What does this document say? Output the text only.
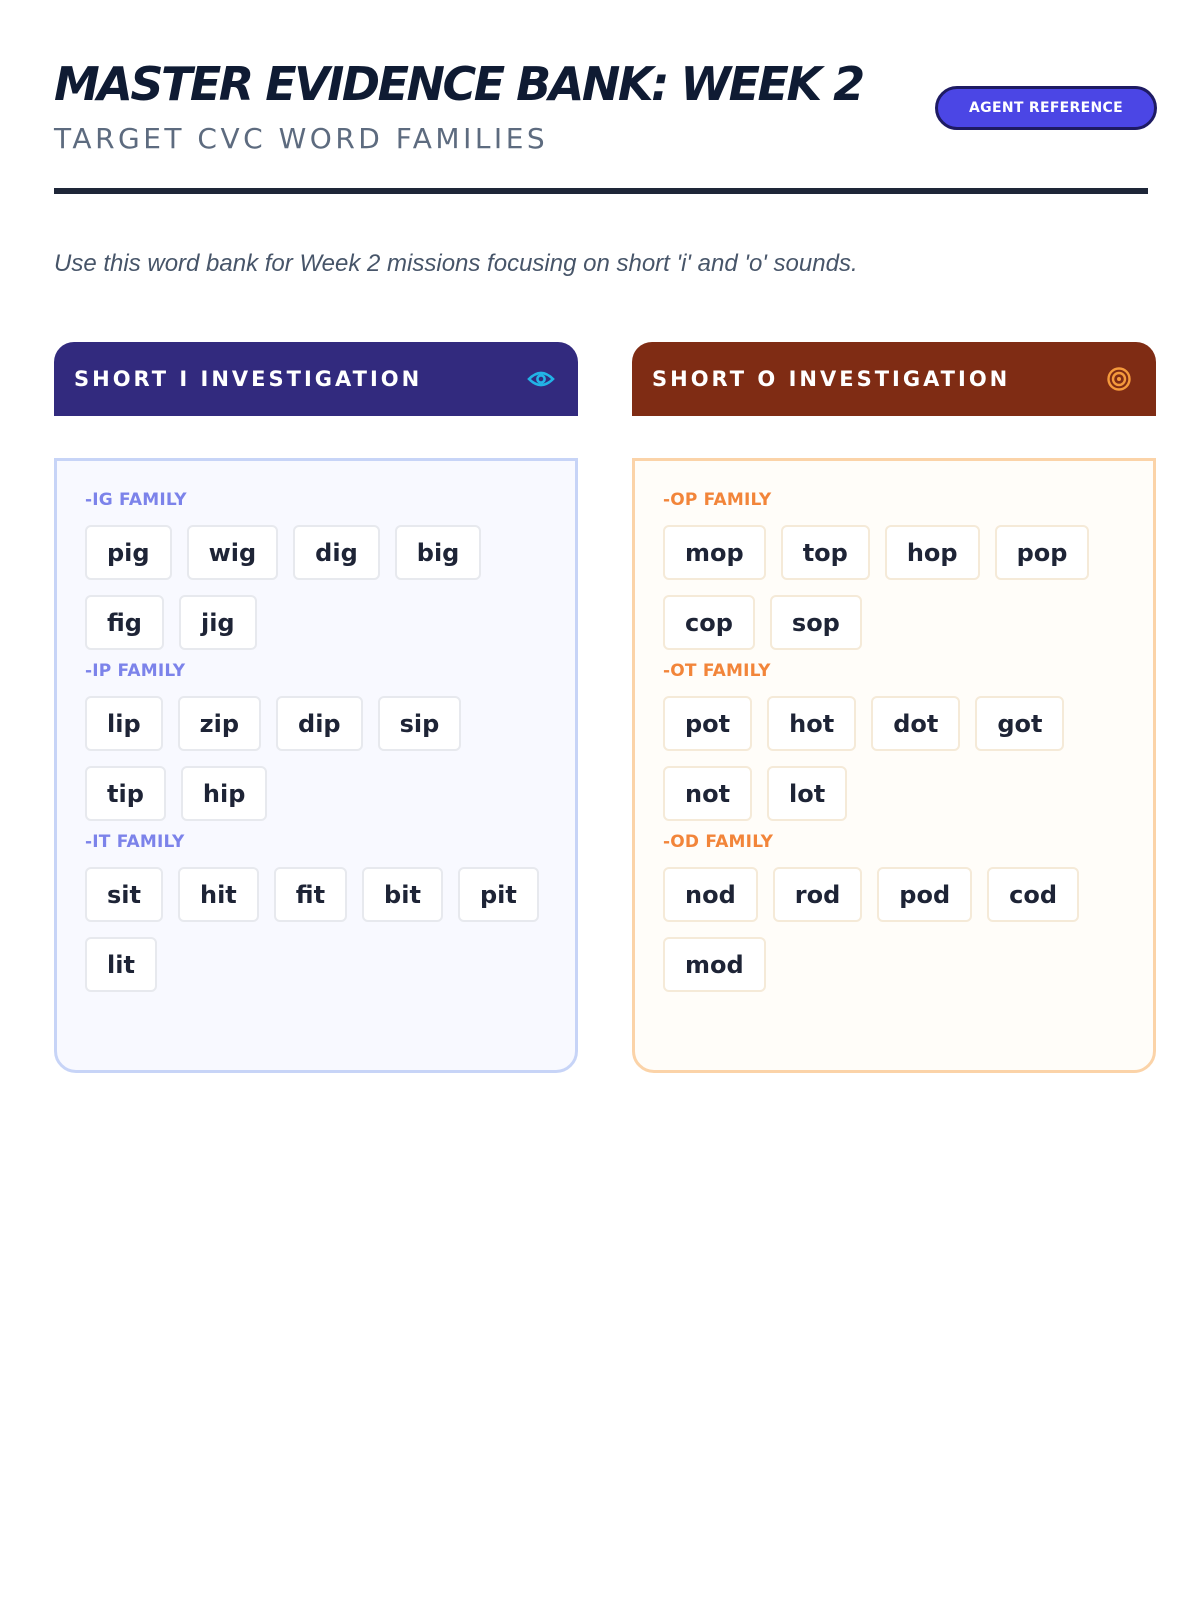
MASTER EVIDENCE BANK: WEEK 2
TARGET CVC WORD FAMILIES
AGENT REFERENCE
Use this word bank for Week 2 missions focusing on short 'i' and 'o' sounds.
SHORT I INVESTIGATION
-IG FAMILY
pig	wig	dig	big
fig	jig
-IP FAMILY
lip	zip	dip	sip
tip	hip
-IT FAMILY
sit	hit	fit	bit	pit
lit
SHORT O INVESTIGATION
-OP FAMILY
mop	top	hop	pop
cop	sop
-OT FAMILY
pot	hot	dot	got
not	lot
-OD FAMILY
nod	rod	pod	cod
mod
